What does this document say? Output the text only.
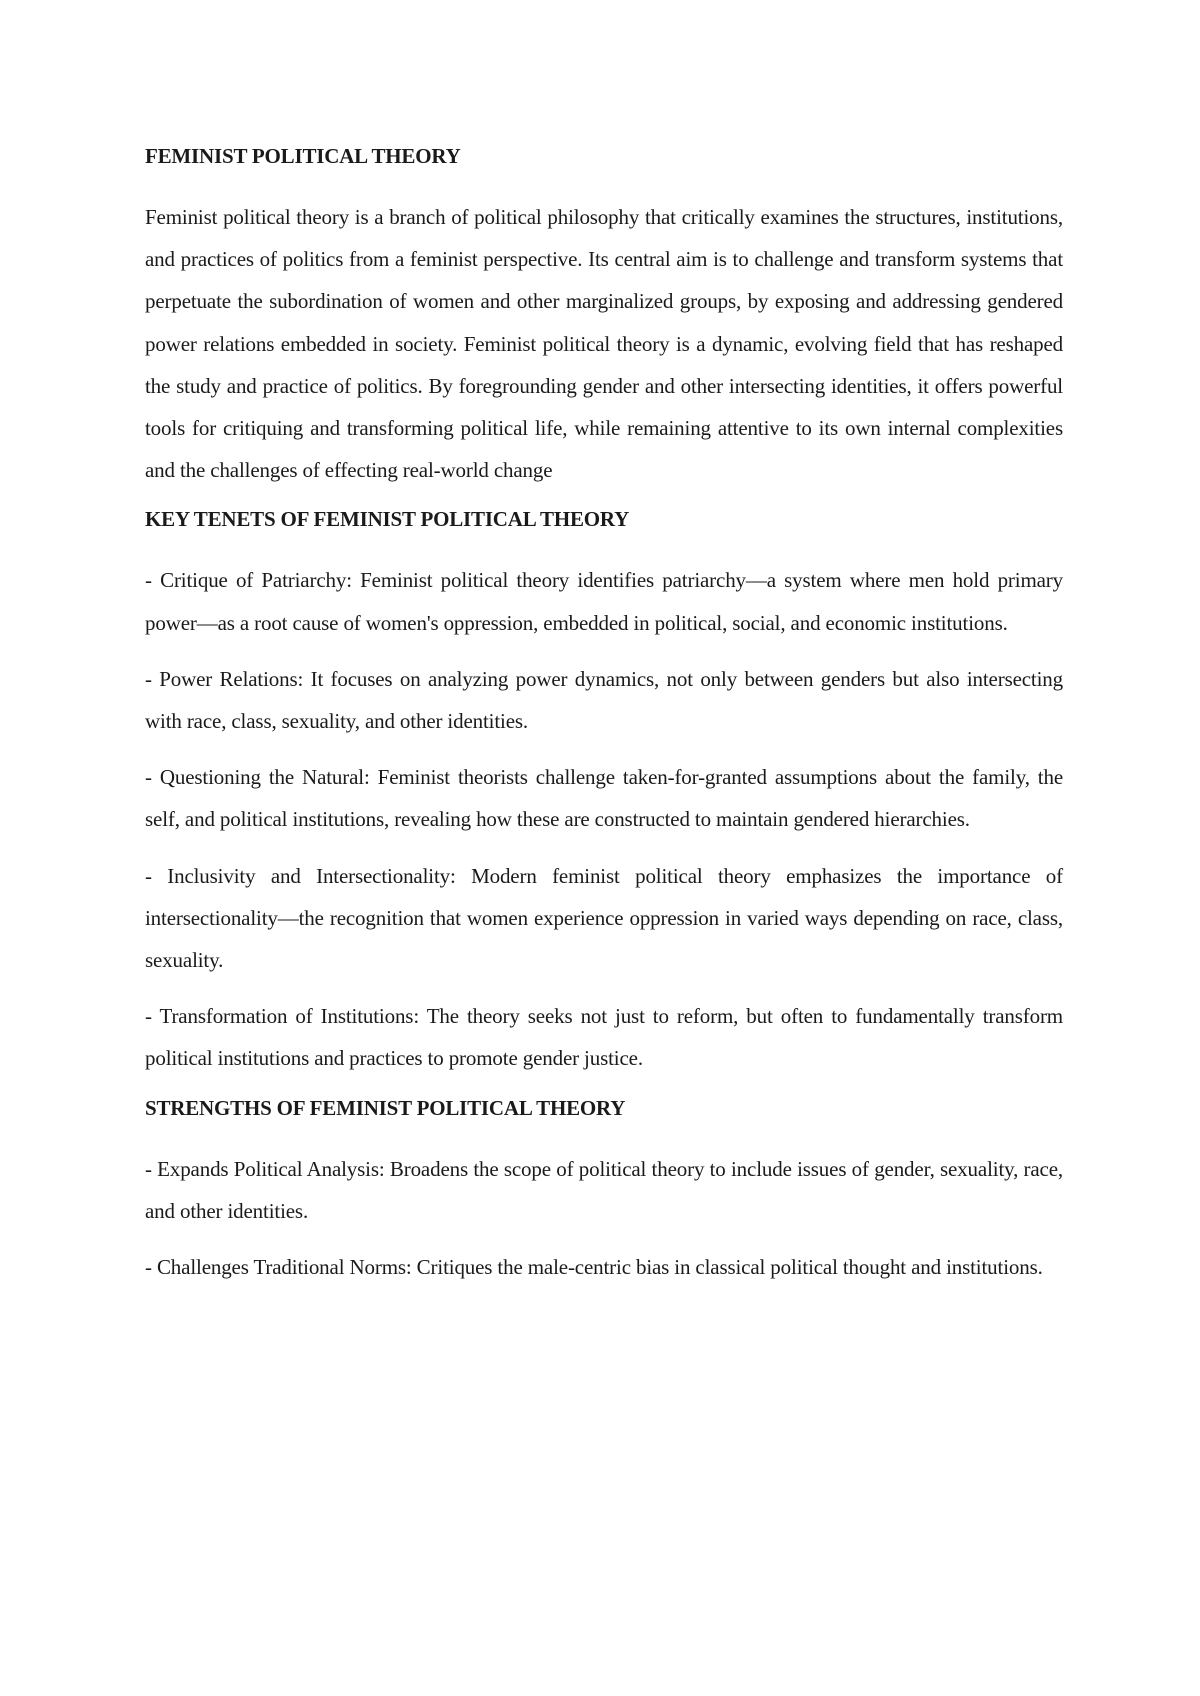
FEMINIST POLITICAL THEORY

Feminist political theory is a branch of political philosophy that critically examines the structures, institutions, and practices of politics from a feminist perspective. Its central aim is to challenge and transform systems that perpetuate the subordination of women and other marginalized groups, by exposing and addressing gendered power relations embedded in society. Feminist political theory is a dynamic, evolving field that has reshaped the study and practice of politics. By foregrounding gender and other intersecting identities, it offers powerful tools for critiquing and transforming political life, while remaining attentive to its own internal complexities and the challenges of effecting real-world change

KEY TENETS OF FEMINIST POLITICAL THEORY

- Critique of Patriarchy: Feminist political theory identifies patriarchy—a system where men hold primary power—as a root cause of women's oppression, embedded in political, social, and economic institutions.

- Power Relations: It focuses on analyzing power dynamics, not only between genders but also intersecting with race, class, sexuality, and other identities.

- Questioning the Natural: Feminist theorists challenge taken-for-granted assumptions about the family, the self, and political institutions, revealing how these are constructed to maintain gendered hierarchies.

- Inclusivity and Intersectionality: Modern feminist political theory emphasizes the importance of intersectionality—the recognition that women experience oppression in varied ways depending on race, class, sexuality.

- Transformation of Institutions: The theory seeks not just to reform, but often to fundamentally transform political institutions and practices to promote gender justice.

STRENGTHS OF FEMINIST POLITICAL THEORY

- Expands Political Analysis: Broadens the scope of political theory to include issues of gender, sexuality, race, and other identities.

- Challenges Traditional Norms: Critiques the male-centric bias in classical political thought and institutions.
